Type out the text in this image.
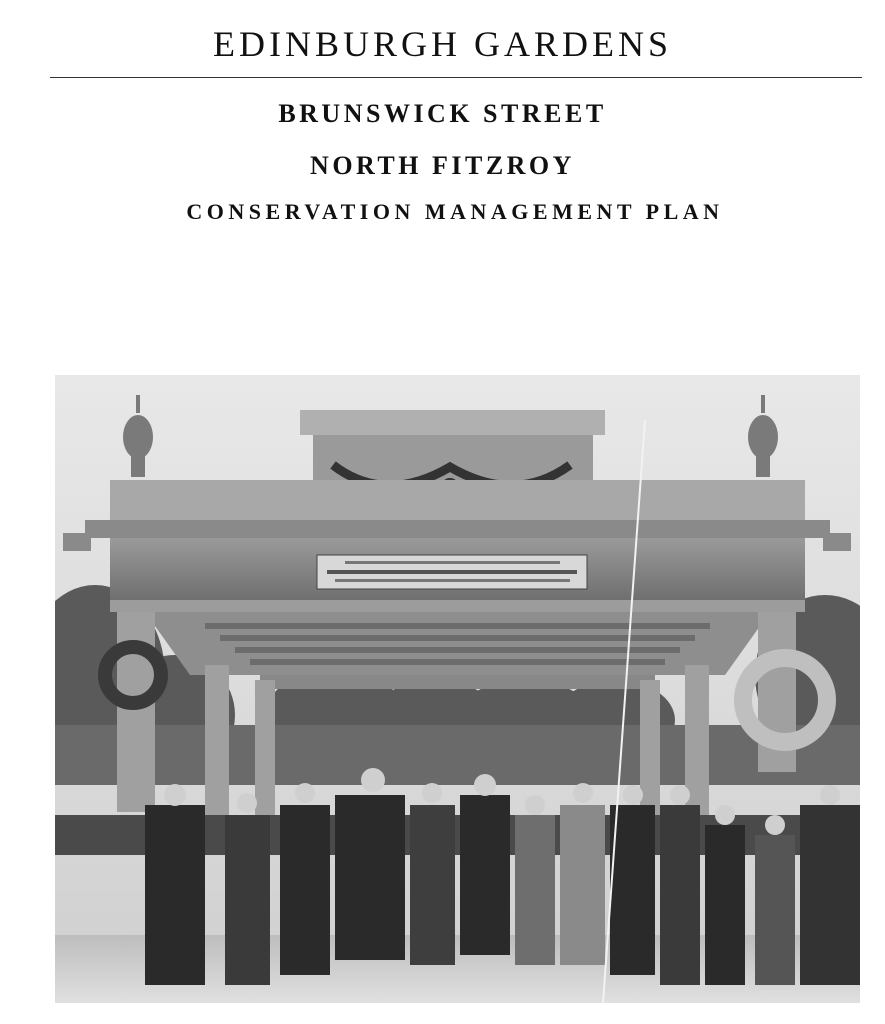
EDINBURGH GARDENS
BRUNSWICK STREET
NORTH FITZROY
CONSERVATION MANAGEMENT PLAN
